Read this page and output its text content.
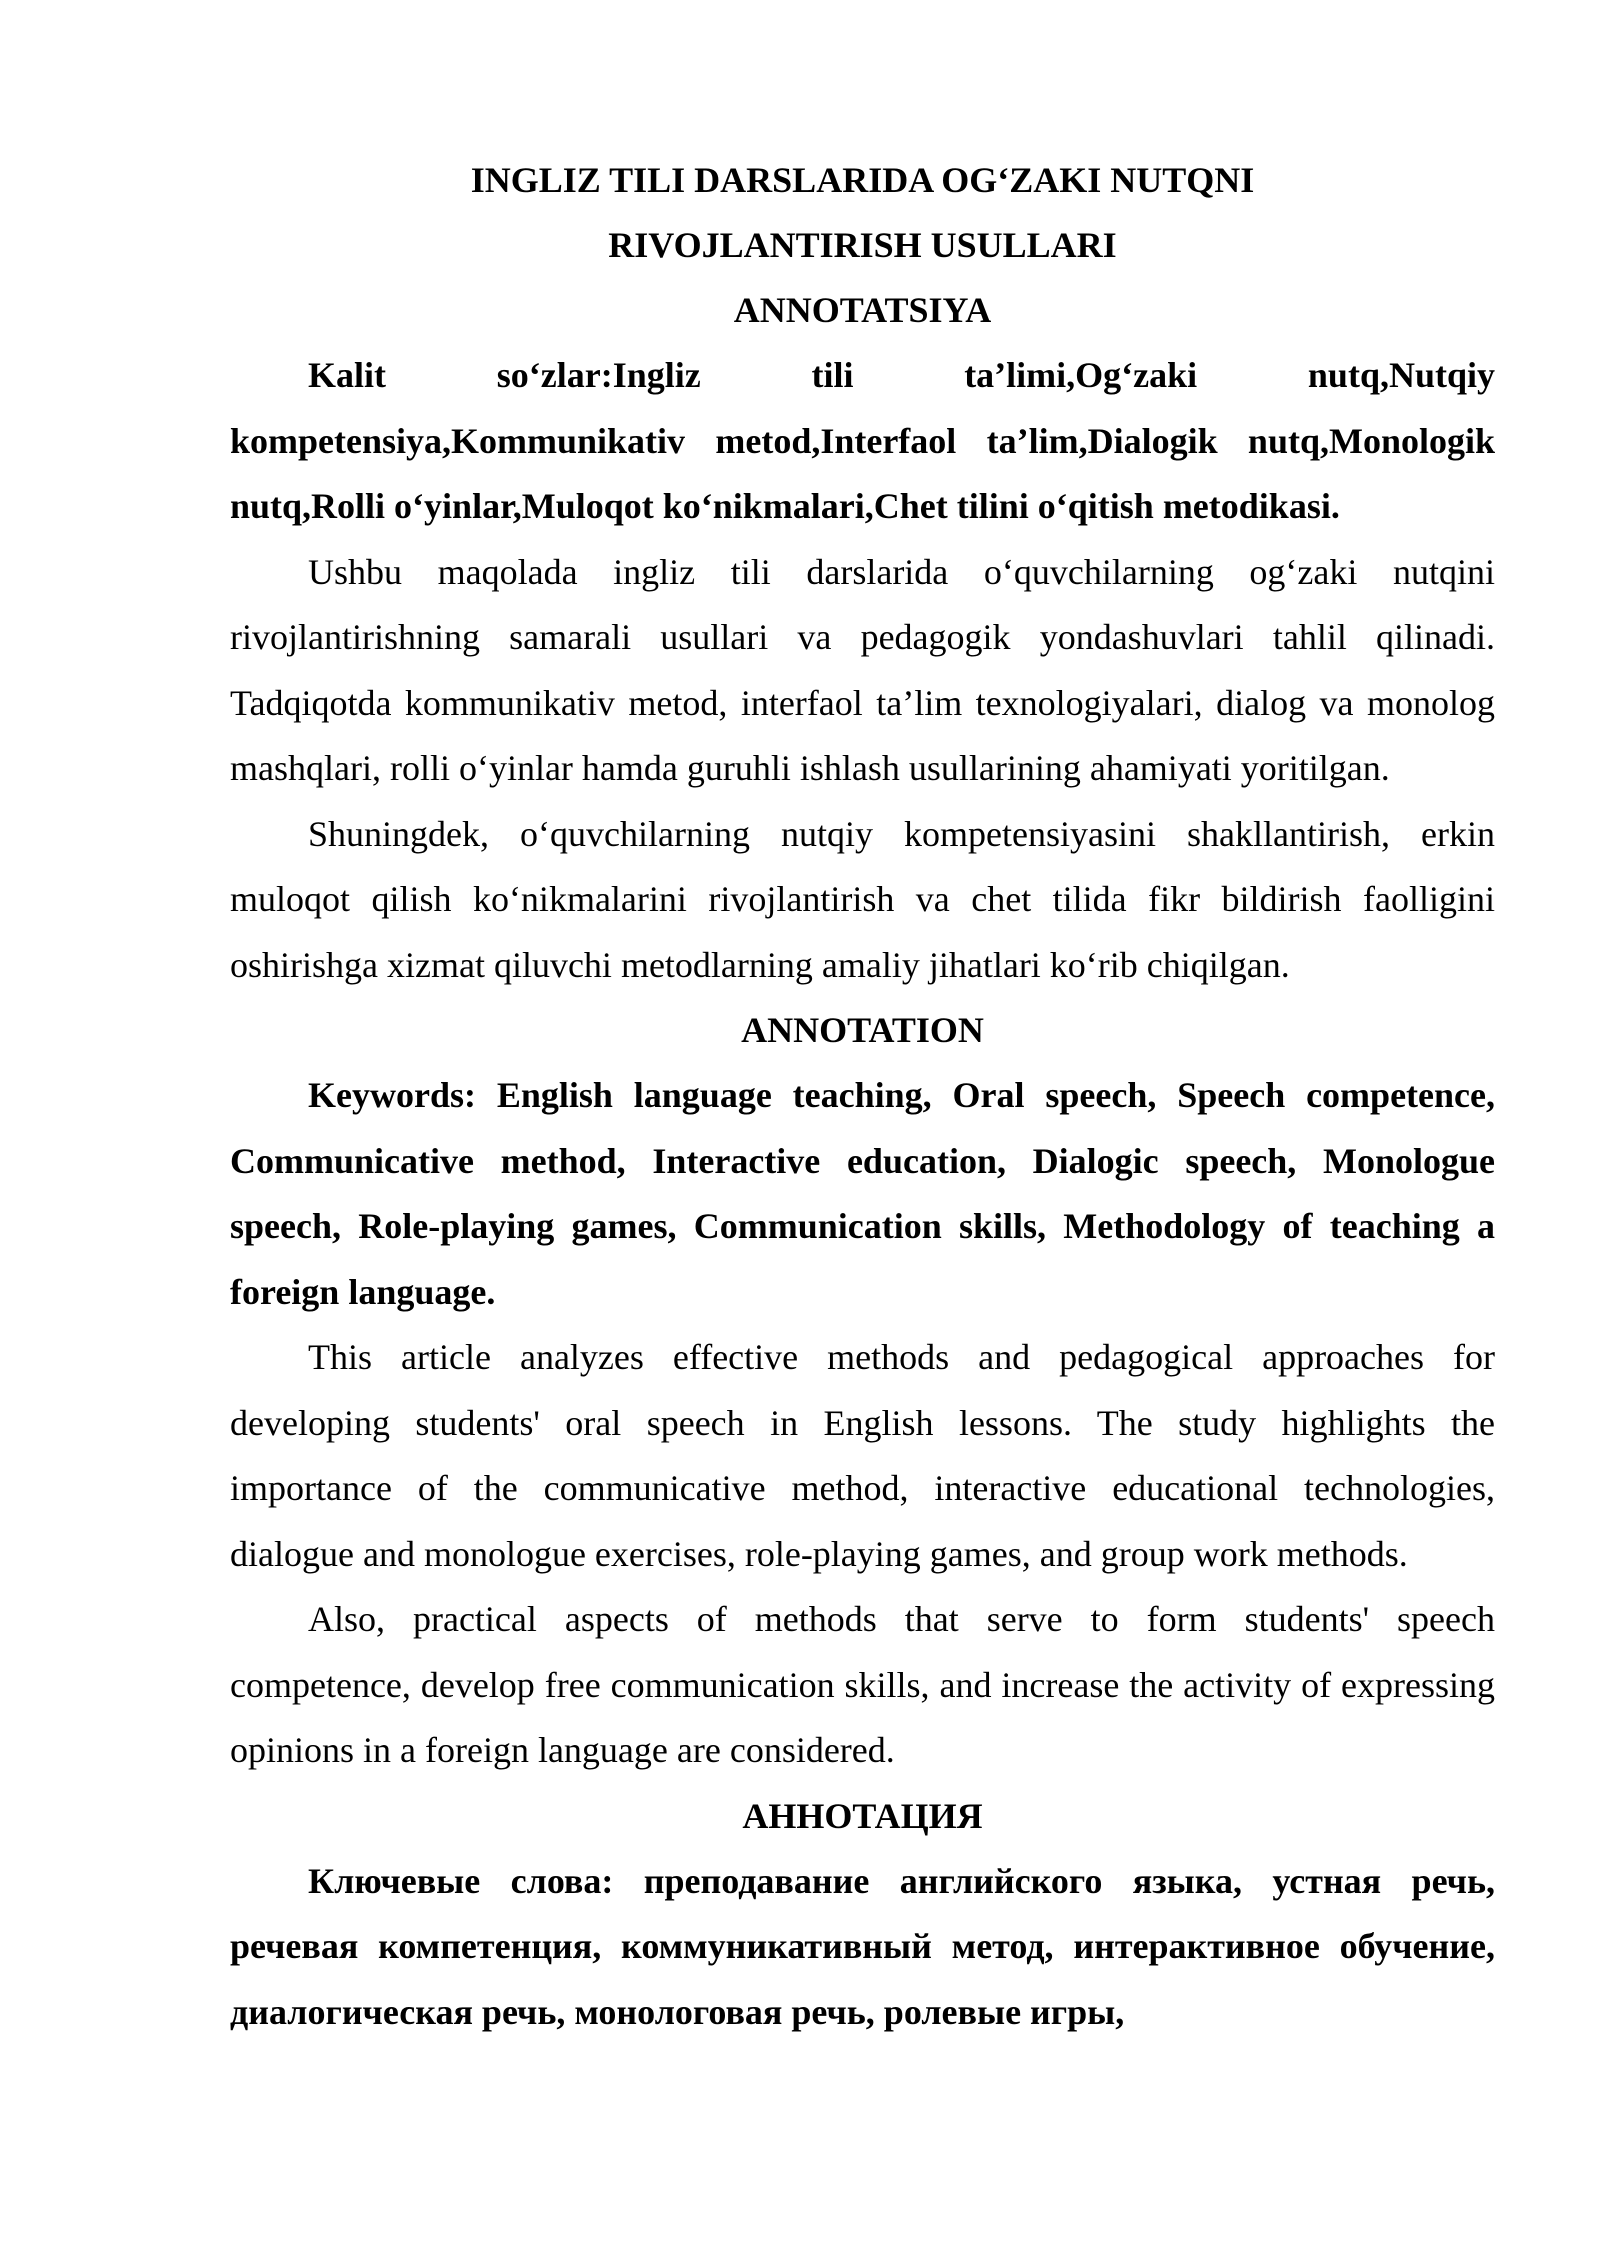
INGLIZ TILI DARSLARIDA OG‘ZAKI NUTQNI

RIVOJLANTIRISH USULLARI

ANNOTATSIYA

Kalit so‘zlar:Ingliz tili ta’limi,Og‘zaki nutq,Nutqiy kompetensiya,Kommunikativ metod,Interfaol ta’lim,Dialogik nutq,Monologik nutq,Rolli o‘yinlar,Muloqot ko‘nikmalari,Chet tilini o‘qitish metodikasi.

Ushbu maqolada ingliz tili darslarida o‘quvchilarning og‘zaki nutqini rivojlantirishning samarali usullari va pedagogik yondashuvlari tahlil qilinadi. Tadqiqotda kommunikativ metod, interfaol ta’lim texnologiyalari, dialog va monolog mashqlari, rolli o‘yinlar hamda guruhli ishlash usullarining ahamiyati yoritilgan.

Shuningdek, o‘quvchilarning nutqiy kompetensiyasini shakllantirish, erkin muloqot qilish ko‘nikmalarini rivojlantirish va chet tilida fikr bildirish faolligini oshirishga xizmat qiluvchi metodlarning amaliy jihatlari ko‘rib chiqilgan.

ANNOTATION

Keywords: English language teaching, Oral speech, Speech competence, Communicative method, Interactive education, Dialogic speech, Monologue speech, Role-playing games, Communication skills, Methodology of teaching a foreign language.

This article analyzes effective methods and pedagogical approaches for developing students' oral speech in English lessons. The study highlights the importance of the communicative method, interactive educational technologies, dialogue and monologue exercises, role-playing games, and group work methods.

Also, practical aspects of methods that serve to form students' speech competence, develop free communication skills, and increase the activity of expressing opinions in a foreign language are considered.

АННОТАЦИЯ

Ключевые слова: преподавание английского языка, устная речь, речевая компетенция, коммуникативный метод, интерактивное обучение, диалогическая речь, монологовая речь, ролевые игры,
